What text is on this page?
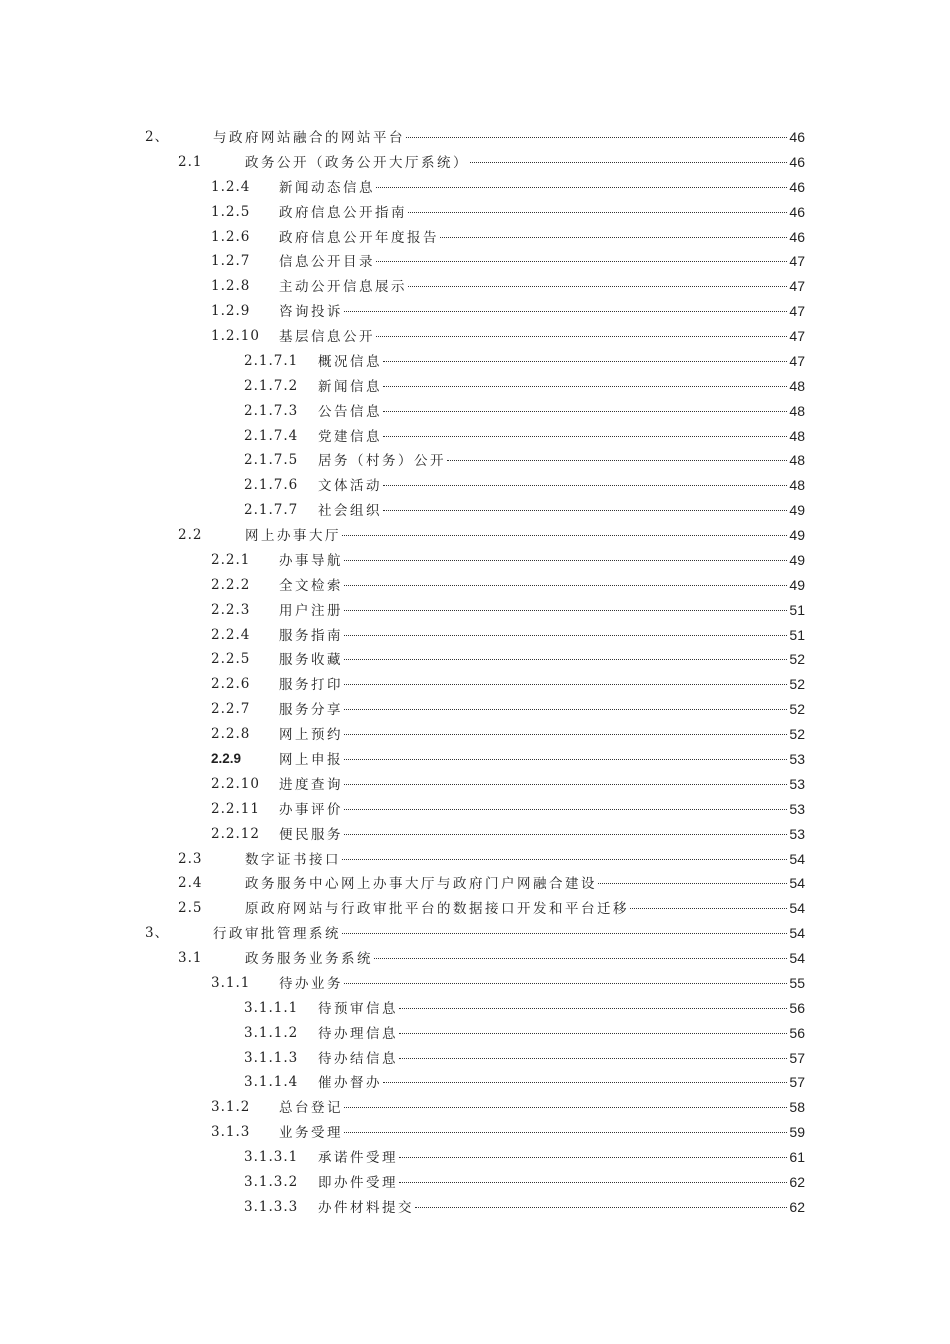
2、	与政府网站融合的网站平台	46
2.1	政务公开（政务公开大厅系统）	46
1.2.4 新闻动态信息	46
1.2.5 政府信息公开指南	46
1.2.6 政府信息公开年度报告	46
1.2.7 信息公开目录	47
1.2.8 主动公开信息展示	47
1.2.9 咨询投诉	47
1.2.10 基层信息公开	47
2.1.7.1 概况信息	47
2.1.7.2 新闻信息	48
2.1.7.3 公告信息	48
2.1.7.4 党建信息	48
2.1.7.5 居务（村务）公开	48
2.1.7.6 文体活动	48
2.1.7.7 社会组织	49
2.2	网上办事大厅	49
2.2.1 办事导航	49
2.2.2 全文检索	49
2.2.3 用户注册	51
2.2.4 服务指南	51
2.2.5 服务收藏	52
2.2.6 服务打印	52
2.2.7 服务分享	52
2.2.8 网上预约	52
2.2.9	网上申报	53
2.2.10 进度查询	53
2.2.11 办事评价	53
2.2.12 便民服务	53
2.3	数字证书接口	54
2.4	政务服务中心网上办事大厅与政府门户网融合建设	54
2.5	原政府网站与行政审批平台的数据接口开发和平台迁移	54
3、	行政审批管理系统	54
3.1	政务服务业务系统	54
3.1.1 待办业务	55
3.1.1.1 待预审信息	56
3.1.1.2 待办理信息	56
3.1.1.3 待办结信息	57
3.1.1.4 催办督办	57
3.1.2 总台登记	58
3.1.3 业务受理	59
3.1.3.1 承诺件受理	61
3.1.3.2 即办件受理	62
3.1.3.3 办件材料提交	62
